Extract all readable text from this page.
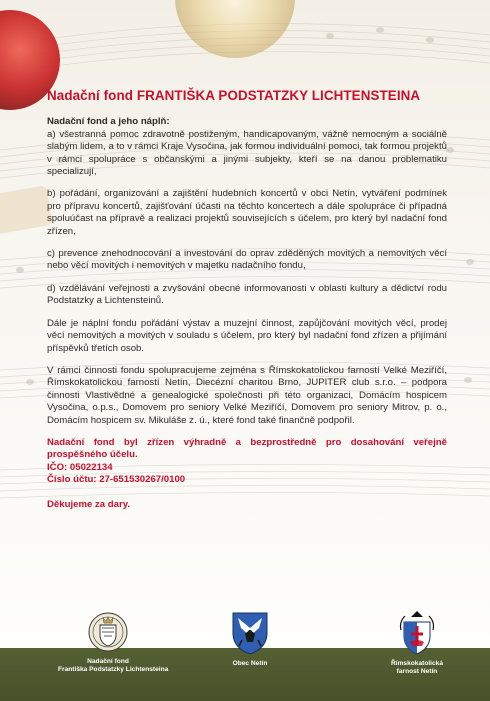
Nadační fond FRANTIŠKA PODSTATZKY LICHTENSTEINA
Nadační fond a jeho náplň:

a) všestranná pomoc zdravotně postiženým, handicapovaným, vážně nemocným a sociálně slabým lidem, a to v rámci Kraje Vysočina, jak formou individuální pomoci, tak formou projektů v rámci spolupráce s občanskými a jinými subjekty, kteří se na danou problematiku specializují,

b) pořádání, organizování a zajištění hudebních koncertů v obci Netín, vytváření podmínek pro přípravu koncertů, zajišťování účasti na těchto koncertech a dále spolupráce či případná spoluúčast na přípravě a realizaci projektů souvisejících s účelem, pro který byl nadační fond zřízen,

c) prevence znehodnocování a investování do oprav zděděných movitých a nemovitých věcí nebo věcí movitých i nemovitých v majetku nadačního fondu,

d) vzdělávání veřejnosti a zvyšování obecné informovanosti v oblasti kultury a dědictví rodu Podstatzky a Lichtensteinů.

Dále je náplní fondu pořádání výstav a muzejní činnost, zapůjčování movitých věcí, prodej věcí nemovitých a movitých v souladu s účelem, pro který byl nadační fond zřízen a přijímání příspěvků třetích osob.

V rámci činnosti fondu spolupracujeme zejména s Římskokatolickou farností Velké Meziříčí, Římskokatolickou farností Netín, Diecézní charitou Brno, JUPITER club s.r.o. – podpora činnosti Vlastivědné a genealogické společnosti při této organizaci, Domácím hospicem Vysočina, o.p.s., Domovem pro seniory Velké Meziříčí, Domovem pro seniory Mitrov, p. o., Domácím hospicem sv. Mikuláše z. ú., které fond také finančně podpořil.

Nadační fond byl zřízen výhradně a bezprostředně pro dosahování veřejně prospěšného účelu.

IČO: 05022134
Číslo účtu: 27-651530267/0100
Děkujeme za dary.
Nadační fond
Františka Podstatzky Lichtensteina
Obec Netín	Římskokatolická
farnost Netín
